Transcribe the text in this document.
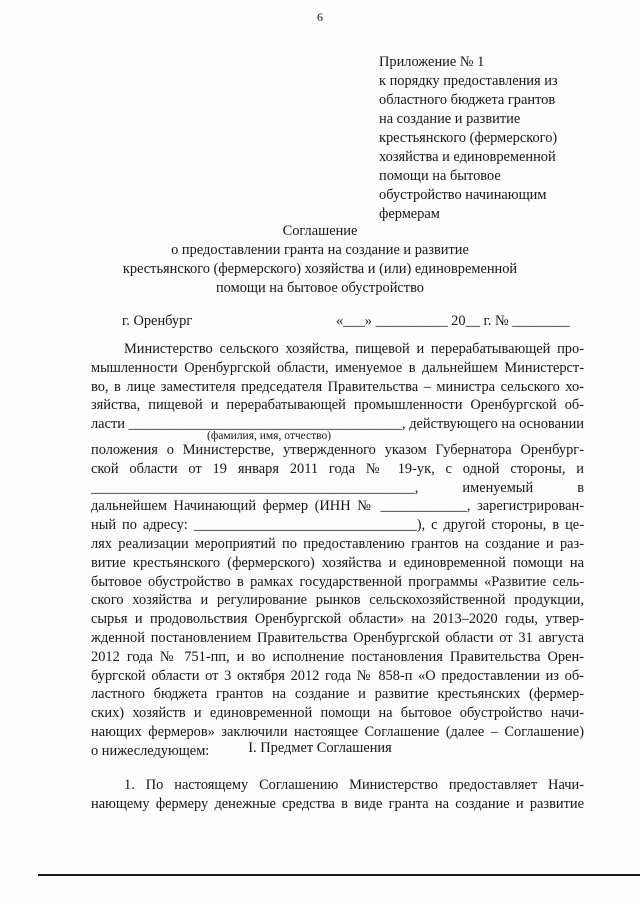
6
Приложение № 1
к порядку предоставления из
областного бюджета грантов
на создание и развитие
крестьянского (фермерского)
хозяйства и единовременной
помощи на бытовое
обустройство начинающим
фермерам
Соглашение
о предоставлении гранта на создание и развитие
крестьянского (фермерского) хозяйства и (или) единовременной
помощи на бытовое обустройство
г. Оренбург	«___» __________ 20__ г. № ________
Министерство сельского хозяйства, пищевой и перерабатывающей про-
мышленности Оренбургской области, именуемое в дальнейшем Министерст-
во, в лице заместителя председателя Правительства – министра сельского хо-
зяйства, пищевой и перерабатывающей промышленности Оренбургской об-
ласти ______________________________________, действующего на основании
(фамилия, имя, отчество)
положения о Министерстве, утвержденного указом Губернатора Оренбург-
ской области от 19 января 2011 года № 19-ук, с одной стороны, и
_____________________________________________, именуемый в
дальнейшем Начинающий фермер (ИНН № ____________, зарегистрирован-
ный по адресу: _______________________________), с другой стороны, в це-
лях реализации мероприятий по предоставлению грантов на создание и раз-
витие крестьянского (фермерского) хозяйства и единовременной помощи на
бытовое обустройство в рамках государственной программы «Развитие сель-
ского хозяйства и регулирование рынков сельскохозяйственной продукции,
сырья и продовольствия Оренбургской области» на 2013–2020 годы, утвер-
жденной постановлением Правительства Оренбургской области от 31 августа
2012 года № 751-пп, и во исполнение постановления Правительства Орен-
бургской области от 3 октября 2012 года № 858-п «О предоставлении из об-
ластного бюджета грантов на создание и развитие крестьянских (фермер-
ских) хозяйств и единовременной помощи на бытовое обустройство начи-
нающих фермеров» заключили настоящее Соглашение (далее – Соглашение)
о нижеследующем:	I. Предмет Соглашения
1. По настоящему Соглашению Министерство предоставляет Начи-
нающему фермеру денежные средства в виде гранта на создание и развитие
